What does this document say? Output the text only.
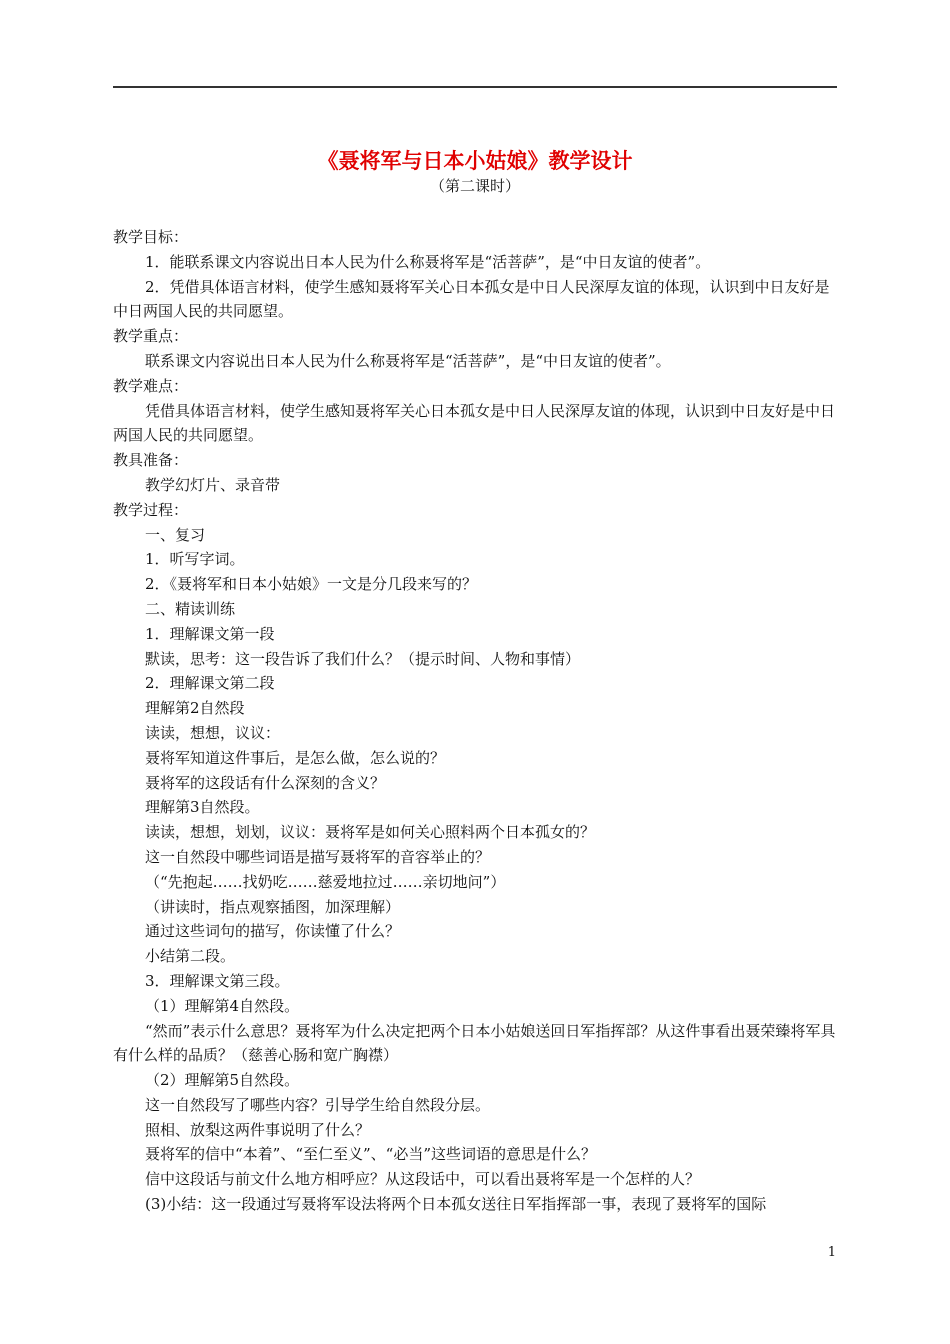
《聂将军与日本小姑娘》教学设计
（第二课时）

教学目标：

1．能联系课文内容说出日本人民为什么称聂将军是“活菩萨”，是“中日友谊的使者”。

2．凭借具体语言材料，使学生感知聂将军关心日本孤女是中日人民深厚友谊的体现，认识到中日友好是中日两国人民的共同愿望。

教学重点：

联系课文内容说出日本人民为什么称聂将军是“活菩萨”，是“中日友谊的使者”。

教学难点：

凭借具体语言材料，使学生感知聂将军关心日本孤女是中日人民深厚友谊的体现，认识到中日友好是中日两国人民的共同愿望。

教具准备：

教学幻灯片、录音带

教学过程：

一、复习

1．听写字词。

2．《聂将军和日本小姑娘》一文是分几段来写的？

二、精读训练

1．理解课文第一段

默读，思考：这一段告诉了我们什么？（提示时间、人物和事情）

2．理解课文第二段

理解第2自然段

读读，想想，议议：

聂将军知道这件事后，是怎么做，怎么说的？

聂将军的这段话有什么深刻的含义？

理解第3自然段。

读读，想想，划划，议议：聂将军是如何关心照料两个日本孤女的？

这一自然段中哪些词语是描写聂将军的音容举止的？

（“先抱起……找奶吃……慈爱地拉过……亲切地问”）

（讲读时，指点观察插图，加深理解）

通过这些词句的描写，你读懂了什么？

小结第二段。

3．理解课文第三段。

（1）理解第4自然段。

“然而”表示什么意思？聂将军为什么决定把两个日本小姑娘送回日军指挥部？从这件事看出聂荣臻将军具有什么样的品质？（慈善心肠和宽广胸襟）

（2）理解第5自然段。

这一自然段写了哪些内容？引导学生给自然段分层。

照相、放梨这两件事说明了什么？

聂将军的信中“本着”、“至仁至义”、“必当”这些词语的意思是什么？

信中这段话与前文什么地方相呼应？从这段话中，可以看出聂将军是一个怎样的人？

(3)小结：这一段通过写聂将军设法将两个日本孤女送往日军指挥部一事，表现了聂将军的国际

1
